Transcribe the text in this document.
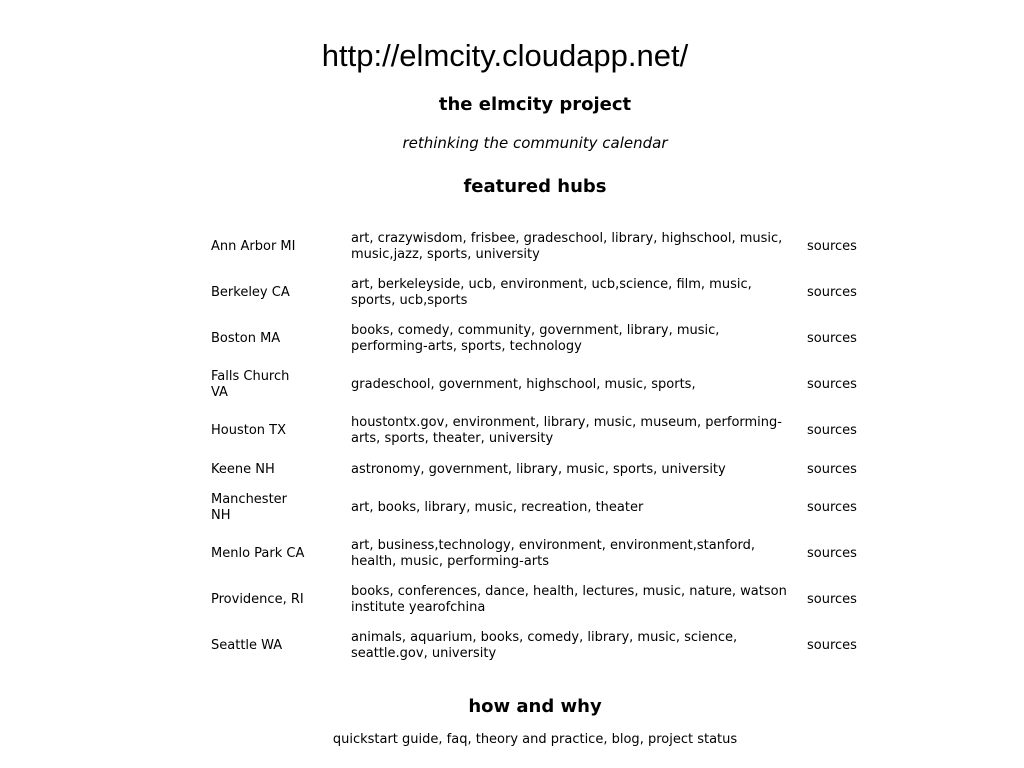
http://elmcity.cloudapp.net/
the elmcity project
rethinking the community calendar
featured hubs
Ann Arbor MI	art, crazywisdom, frisbee, gradeschool, library, highschool, music, music,jazz, sports, university	sources

Berkeley CA	art, berkeleyside, ucb, environment, ucb,science, film, music, sports, ucb,sports	sources

Boston MA	books, comedy, community, government, library, music, performing-arts, sports, technology	sources

Falls Church VA	gradeschool, government, highschool, music, sports,	sources

Houston TX	houstontx.gov, environment, library, music, museum, performing-arts, sports, theater, university	sources

Keene NH	astronomy, government, library, music, sports, university	sources

Manchester NH	art, books, library, music, recreation, theater	sources

Menlo Park CA	art, business,technology, environment, environment,stanford, health, music, performing-arts	sources

Providence, RI	books, conferences, dance, health, lectures, music, nature, watson institute yearofchina	sources

Seattle WA	animals, aquarium, books, comedy, library, music, science, seattle.gov, university	sources
how and why
quickstart guide, faq, theory and practice, blog, project status
